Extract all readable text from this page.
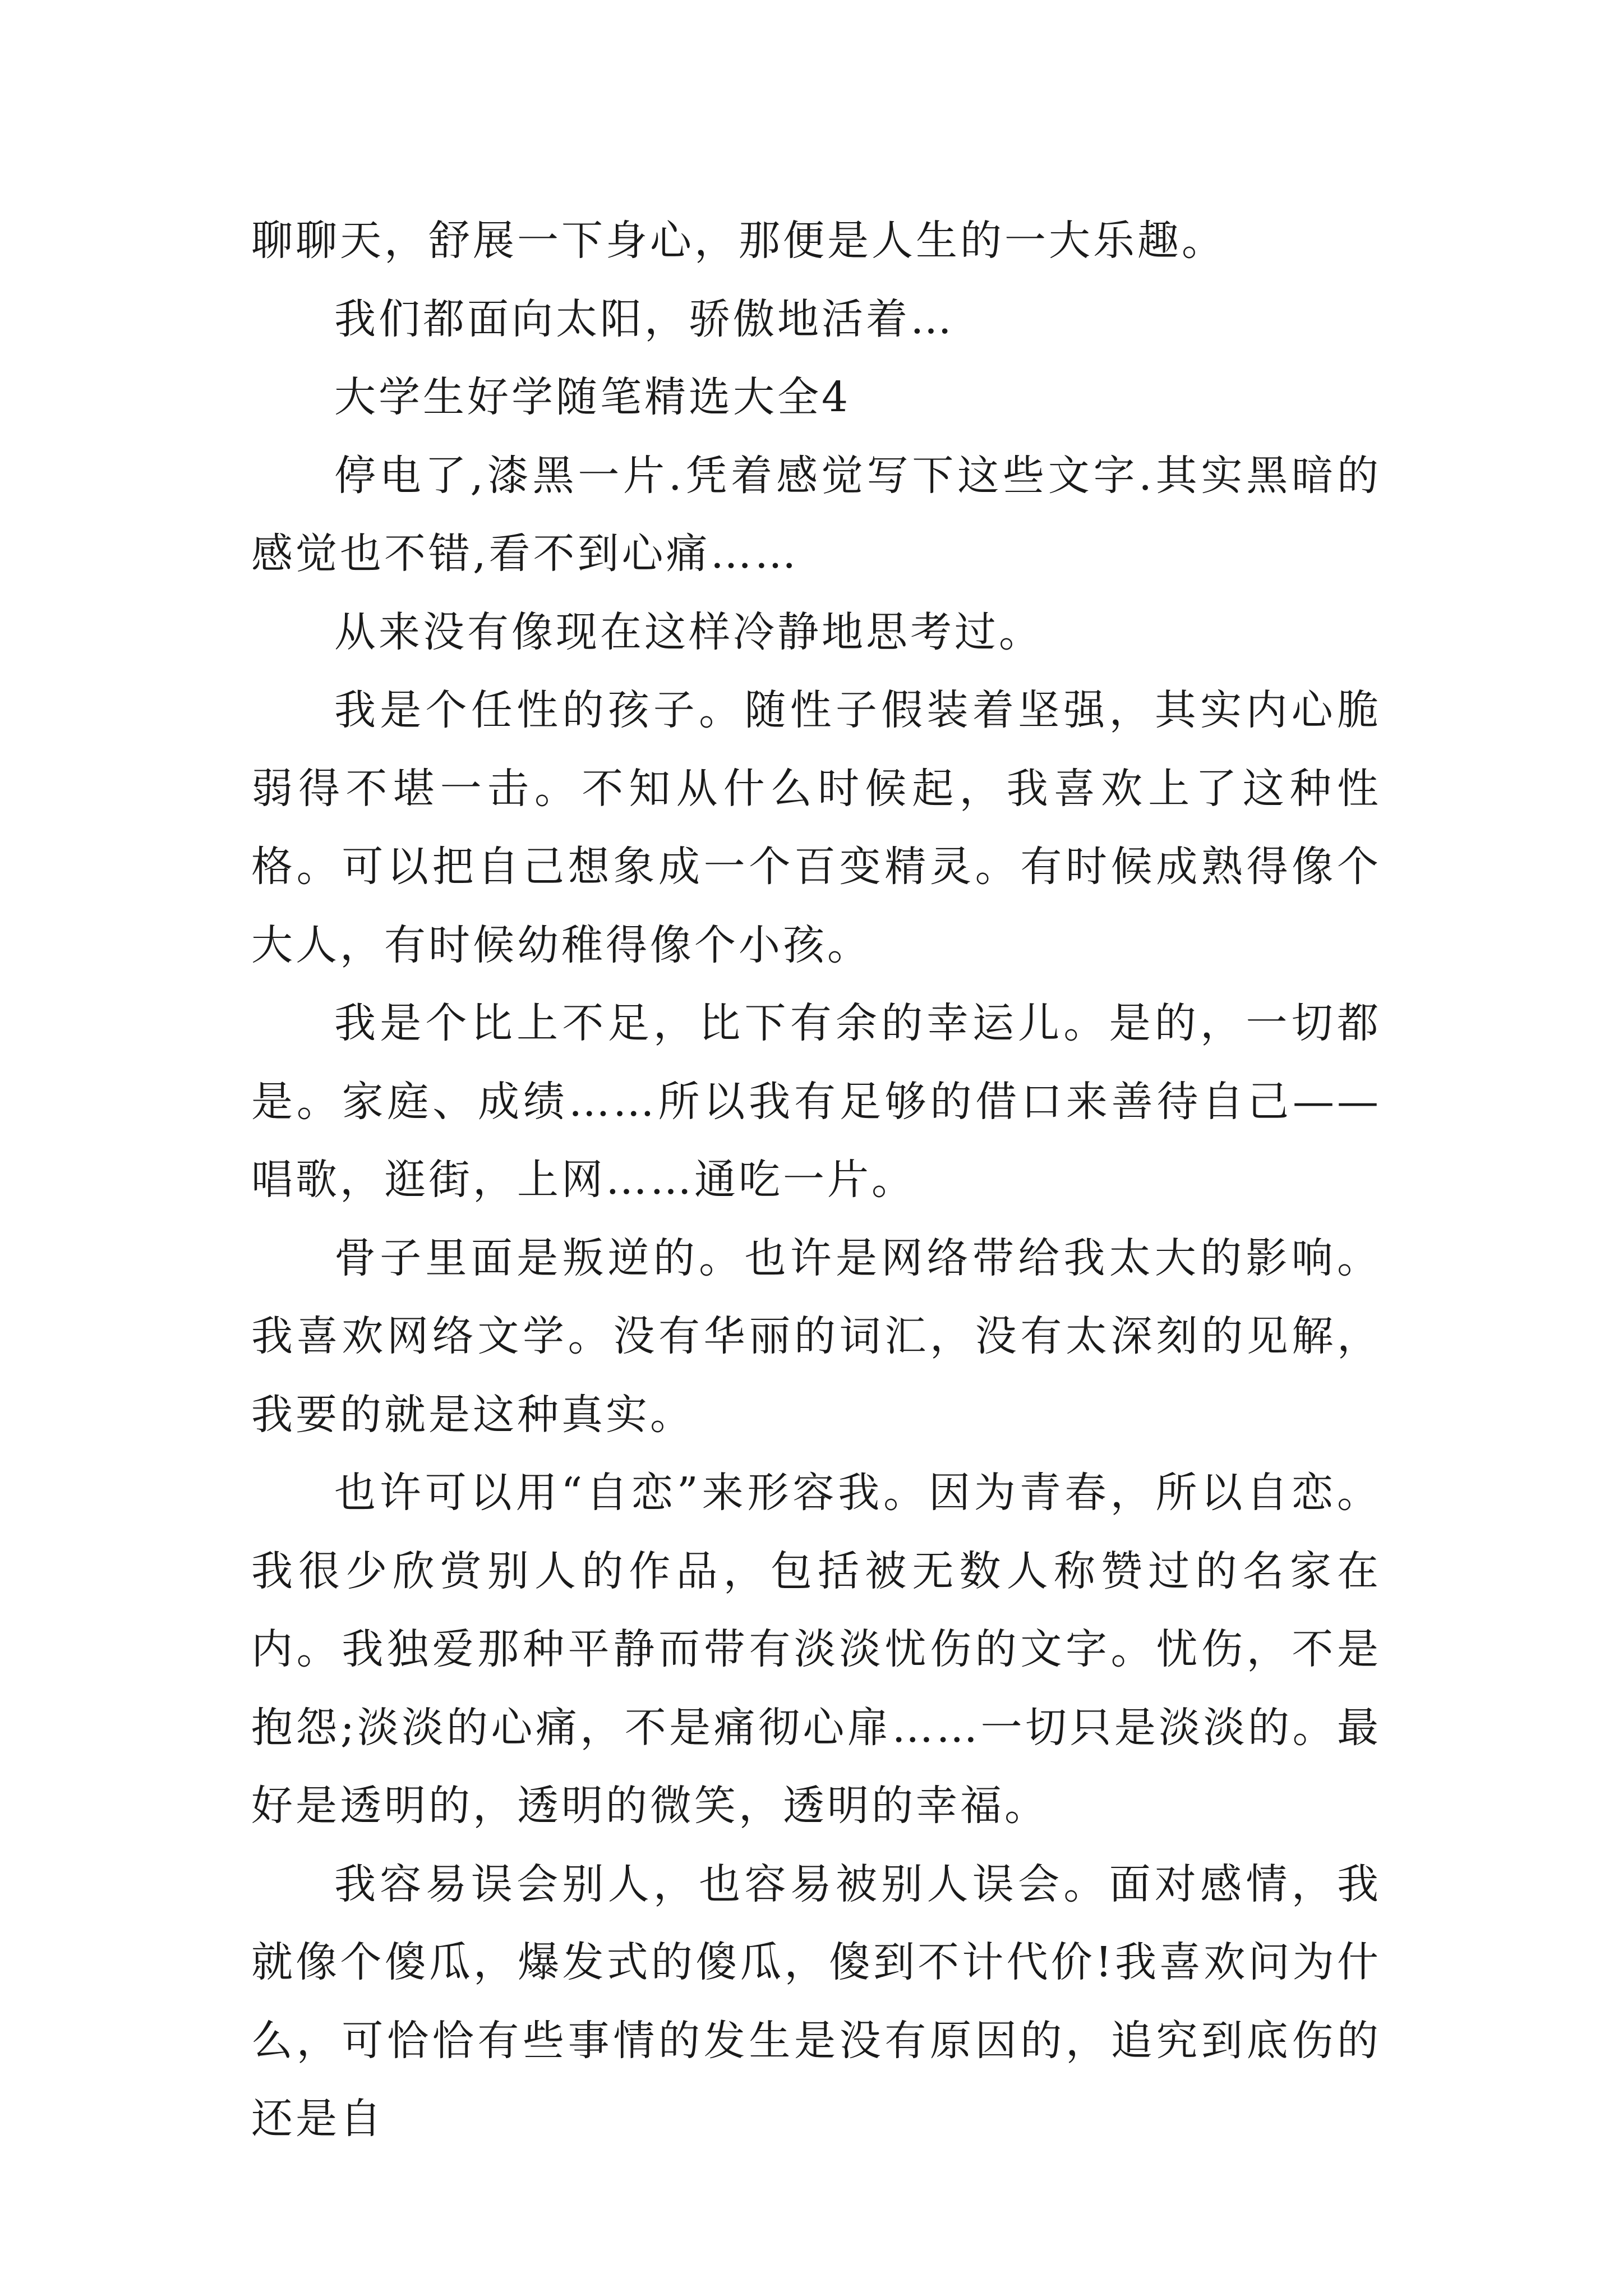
聊聊天，舒展一下身心，那便是人生的一大乐趣。

我们都面向太阳，骄傲地活着…

大学生好学随笔精选大全4

停电了,漆黑一片.凭着感觉写下这些文字.其实黑暗的感觉也不错,看不到心痛……

从来没有像现在这样冷静地思考过。

我是个任性的孩子。随性子假装着坚强，其实内心脆弱得不堪一击。不知从什么时候起，我喜欢上了这种性格。可以把自己想象成一个百变精灵。有时候成熟得像个大人，有时候幼稚得像个小孩。

我是个比上不足，比下有余的幸运儿。是的，一切都是。家庭、成绩……所以我有足够的借口来善待自己——唱歌，逛街，上网……通吃一片。

骨子里面是叛逆的。也许是网络带给我太大的影响。我喜欢网络文学。没有华丽的词汇，没有太深刻的见解，我要的就是这种真实。

也许可以用“自恋”来形容我。因为青春，所以自恋。我很少欣赏别人的作品，包括被无数人称赞过的名家在内。我独爱那种平静而带有淡淡忧伤的文字。忧伤，不是抱怨;淡淡的心痛，不是痛彻心扉……一切只是淡淡的。最好是透明的，透明的微笑，透明的幸福。

我容易误会别人，也容易被别人误会。面对感情，我就像个傻瓜，爆发式的傻瓜，傻到不计代价!我喜欢问为什么，可恰恰有些事情的发生是没有原因的，追究到底伤的还是自
